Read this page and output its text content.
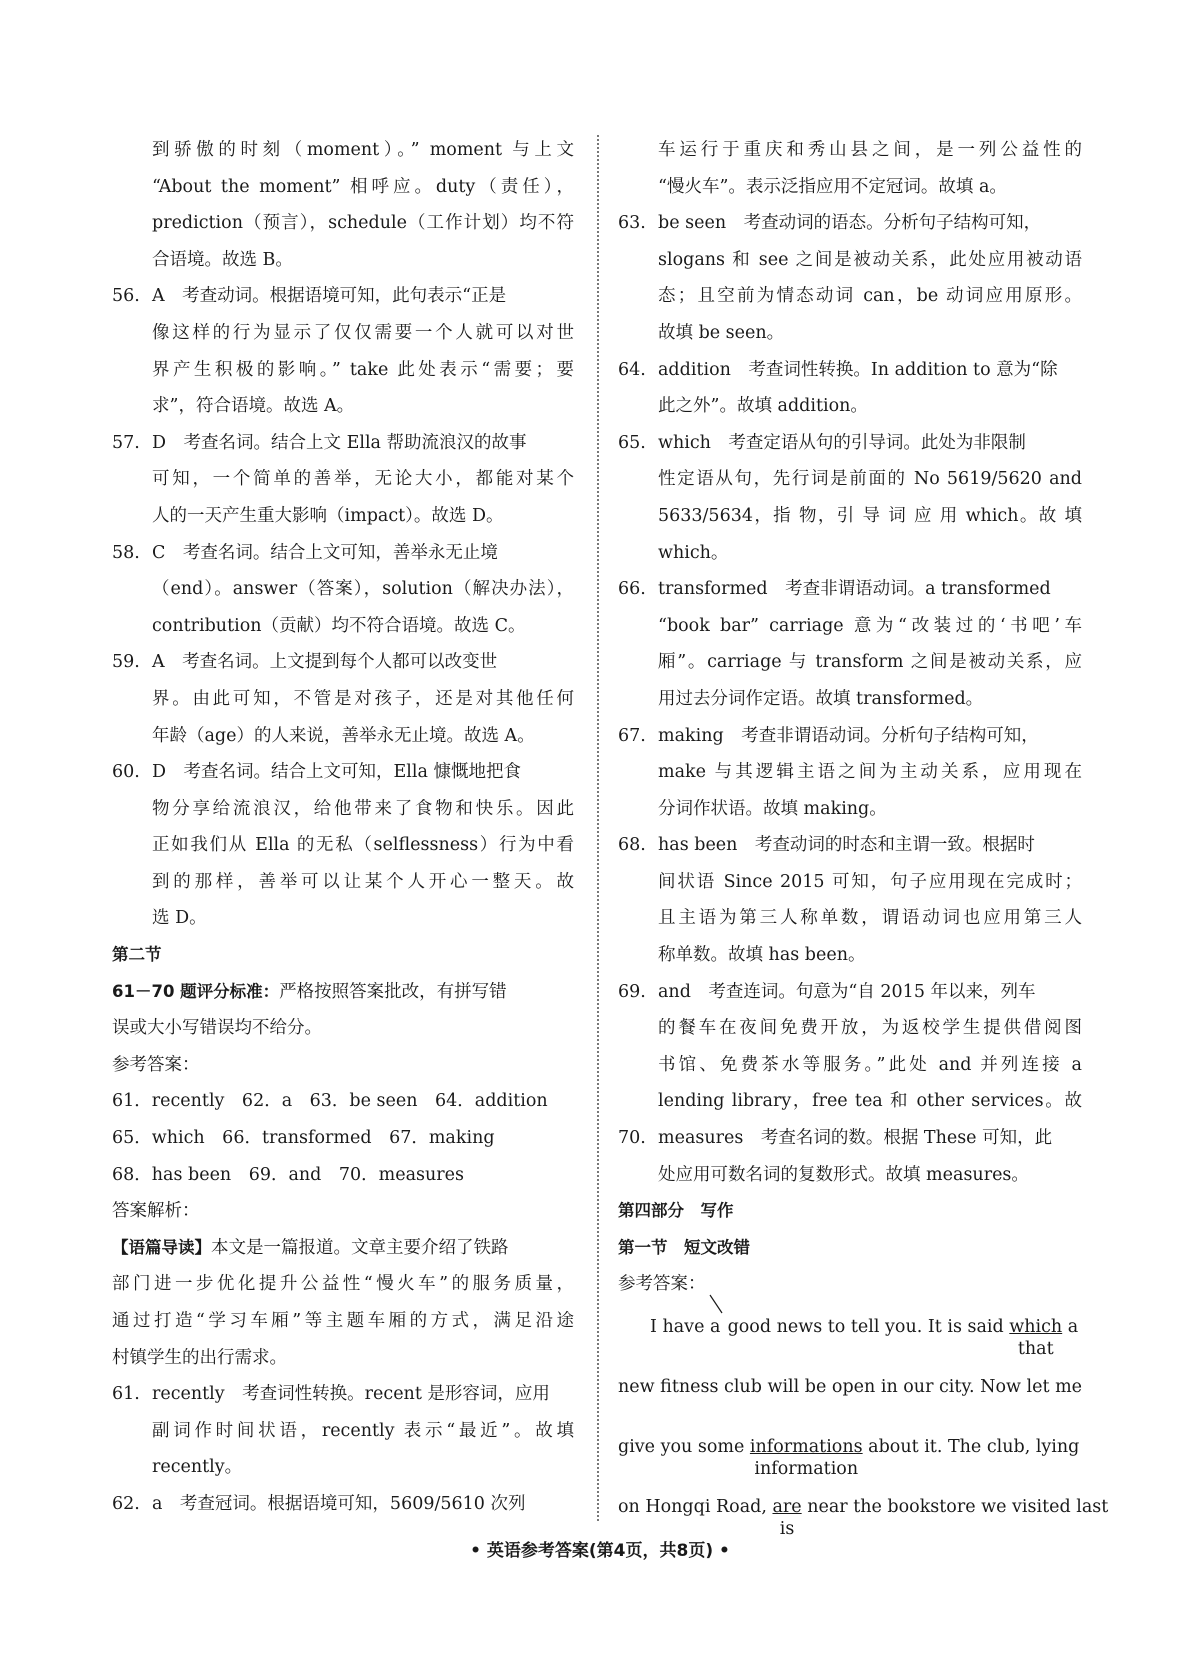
到骄傲的时刻（moment）。” moment 与上文
“About the moment” 相呼应。duty（责任），
prediction（预言），schedule（工作计划）均不符
合语境。故选 B。
56. A　考查动词。根据语境可知，此句表示“正是
像这样的行为显示了仅仅需要一个人就可以对世
界产生积极的影响。” take 此处表示“需要；要
求”，符合语境。故选 A。
57. D　考查名词。结合上文 Ella 帮助流浪汉的故事
可知，一个简单的善举，无论大小，都能对某个
人的一天产生重大影响（impact）。故选 D。
58. C　考查名词。结合上文可知，善举永无止境
（end）。answer（答案），solution（解决办法），
contribution（贡献）均不符合语境。故选 C。
59. A　考查名词。上文提到每个人都可以改变世
界。由此可知，不管是对孩子，还是对其他任何
年龄（age）的人来说，善举永无止境。故选 A。
60. D　考查名词。结合上文可知，Ella 慷慨地把食
物分享给流浪汉，给他带来了食物和快乐。因此
正如我们从 Ella 的无私（selflessness）行为中看
到的那样，善举可以让某个人开心一整天。故
选 D。
第二节
61－70 题评分标准：严格按照答案批改，有拼写错
误或大小写错误均不给分。
参考答案：
61．recently　62．a　63．be seen　64．addition
65．which　66．transformed　67．making
68．has been　69．and　70．measures
答案解析：
【语篇导读】本文是一篇报道。文章主要介绍了铁路
部门进一步优化提升公益性“慢火车”的服务质量，
通过打造“学习车厢”等主题车厢的方式，满足沿途
村镇学生的出行需求。
61. recently　考查词性转换。recent 是形容词，应用
副词作时间状语，recently 表示“最近”。故填
recently。
62. a　考查冠词。根据语境可知，5609/5610 次列
车运行于重庆和秀山县之间，是一列公益性的
“慢火车”。表示泛指应用不定冠词。故填 a。
63. be seen　考查动词的语态。分析句子结构可知，
slogans 和 see 之间是被动关系，此处应用被动语
态；且空前为情态动词 can，be 动词应用原形。
故填 be seen。
64. addition　考查词性转换。In addition to 意为“除
此之外”。故填 addition。
65. which　考查定语从句的引导词。此处为非限制
性定语从句，先行词是前面的 No 5619/5620 and
5633/5634，指 物，引 导 词 应 用 which。故 填
which。
66. transformed　考查非谓语动词。a transformed
“book bar” carriage 意为“改装过的‘书吧’车
厢”。carriage 与 transform 之间是被动关系，应
用过去分词作定语。故填 transformed。
67. making　考查非谓语动词。分析句子结构可知，
make 与其逻辑主语之间为主动关系，应用现在
分词作状语。故填 making。
68. has been　考查动词的时态和主谓一致。根据时
间状语 Since 2015 可知，句子应用现在完成时；
且主语为第三人称单数，谓语动词也应用第三人
称单数。故填 has been。
69. and　考查连词。句意为“自 2015 年以来，列车
的餐车在夜间免费开放，为返校学生提供借阅图
书馆、免费茶水等服务。”此处 and 并列连接 a
lending library，free tea 和 other services。故
70. measures　考查名词的数。根据 These 可知，此
处应用可数名词的复数形式。故填 measures。
第四部分　写作
第一节　短文改错
参考答案：
I have
a good news to tell you. It is said which
that
a
new fitness club will be open in our city. Now let me
give you some informations
information
about it. The club, lying
on Hongqi Road, are
is
near the bookstore we visited last
• 英语参考答案(第4页，共8页) •
